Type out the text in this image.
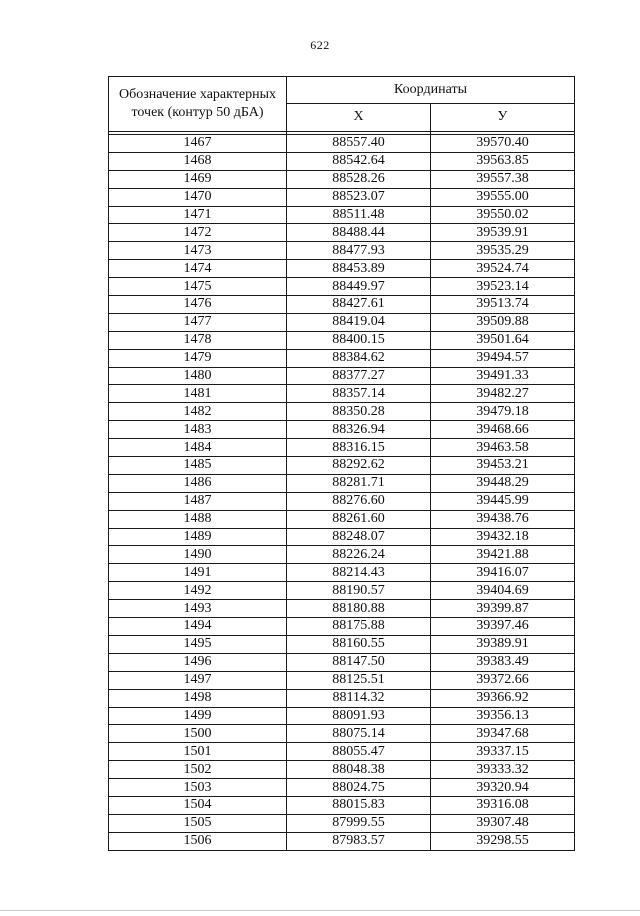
622
Обозначение характерных точек (контур 50 дБА)	Координаты	
	X	У

1467	88557.40	39570.40
1468	88542.64	39563.85
1469	88528.26	39557.38
1470	88523.07	39555.00
1471	88511.48	39550.02
1472	88488.44	39539.91
1473	88477.93	39535.29
1474	88453.89	39524.74
1475	88449.97	39523.14
1476	88427.61	39513.74
1477	88419.04	39509.88
1478	88400.15	39501.64
1479	88384.62	39494.57
1480	88377.27	39491.33
1481	88357.14	39482.27
1482	88350.28	39479.18
1483	88326.94	39468.66
1484	88316.15	39463.58
1485	88292.62	39453.21
1486	88281.71	39448.29
1487	88276.60	39445.99
1488	88261.60	39438.76
1489	88248.07	39432.18
1490	88226.24	39421.88
1491	88214.43	39416.07
1492	88190.57	39404.69
1493	88180.88	39399.87
1494	88175.88	39397.46
1495	88160.55	39389.91
1496	88147.50	39383.49
1497	88125.51	39372.66
1498	88114.32	39366.92
1499	88091.93	39356.13
1500	88075.14	39347.68
1501	88055.47	39337.15
1502	88048.38	39333.32
1503	88024.75	39320.94
1504	88015.83	39316.08
1505	87999.55	39307.48
1506	87983.57	39298.55
